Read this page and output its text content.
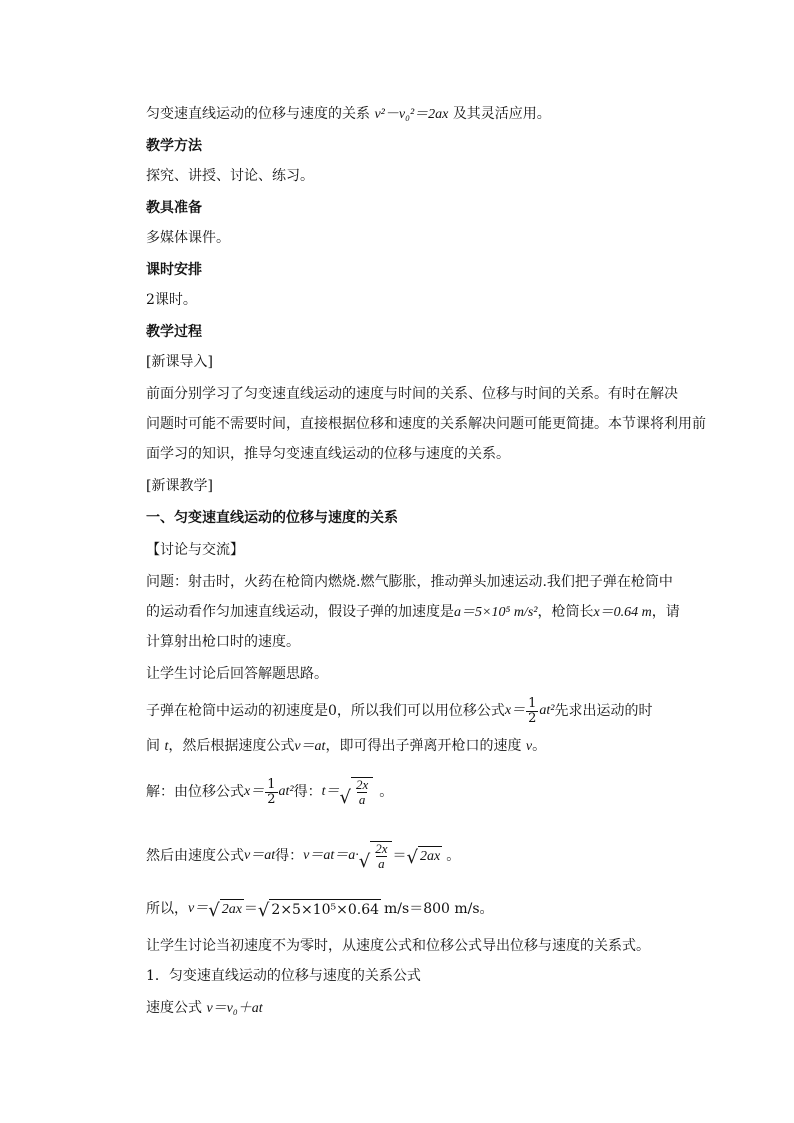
匀变速直线运动的位移与速度的关系 v²－v₀²＝2ax 及其灵活应用。
教学方法
探究、讲授、讨论、练习。
教具准备
多媒体课件。
课时安排
2课时。
教学过程
[新课导入]
前面分别学习了匀变速直线运动的速度与时间的关系、位移与时间的关系。有时在解决
问题时可能不需要时间，直接根据位移和速度的关系解决问题可能更简捷。本节课将利用前
面学习的知识，推导匀变速直线运动的位移与速度的关系。
[新课教学]
一、匀变速直线运动的位移与速度的关系
【讨论与交流】
问题：射击时，火药在枪筒内燃烧.燃气膨胀，推动弹头加速运动.我们把子弹在枪筒中
的运动看作匀加速直线运动，假设子弹的加速度是a＝5×10⁵ m/s²，枪筒长x＝0.64 m，请
计算射出枪口时的速度。
让学生讨论后回答解题思路。
子弹在枪筒中运动的初速度是0，所以我们可以用位移公式 $x= \frac{1}{2} at^2$ 先求出运动的时
间 t，然后根据速度公式v＝at，即可得出子弹离开枪口的速度 v。
解：由位移公式 $x= \frac{1}{2} at^2$ 得： t＝ √ $\frac{2x}{a}$ 。
然后由速度公式 v＝at 得： v＝at＝a· √ $\frac{2x}{a}$ ＝ √ 2ax 。
所以， v＝ √ 2ax ＝ √ 2×5×10⁵×0.64 m/s＝800 m/s。
让学生讨论当初速度不为零时，从速度公式和位移公式导出位移与速度的关系式。
1．匀变速直线运动的位移与速度的关系公式
速度公式 v＝v₀＋at
